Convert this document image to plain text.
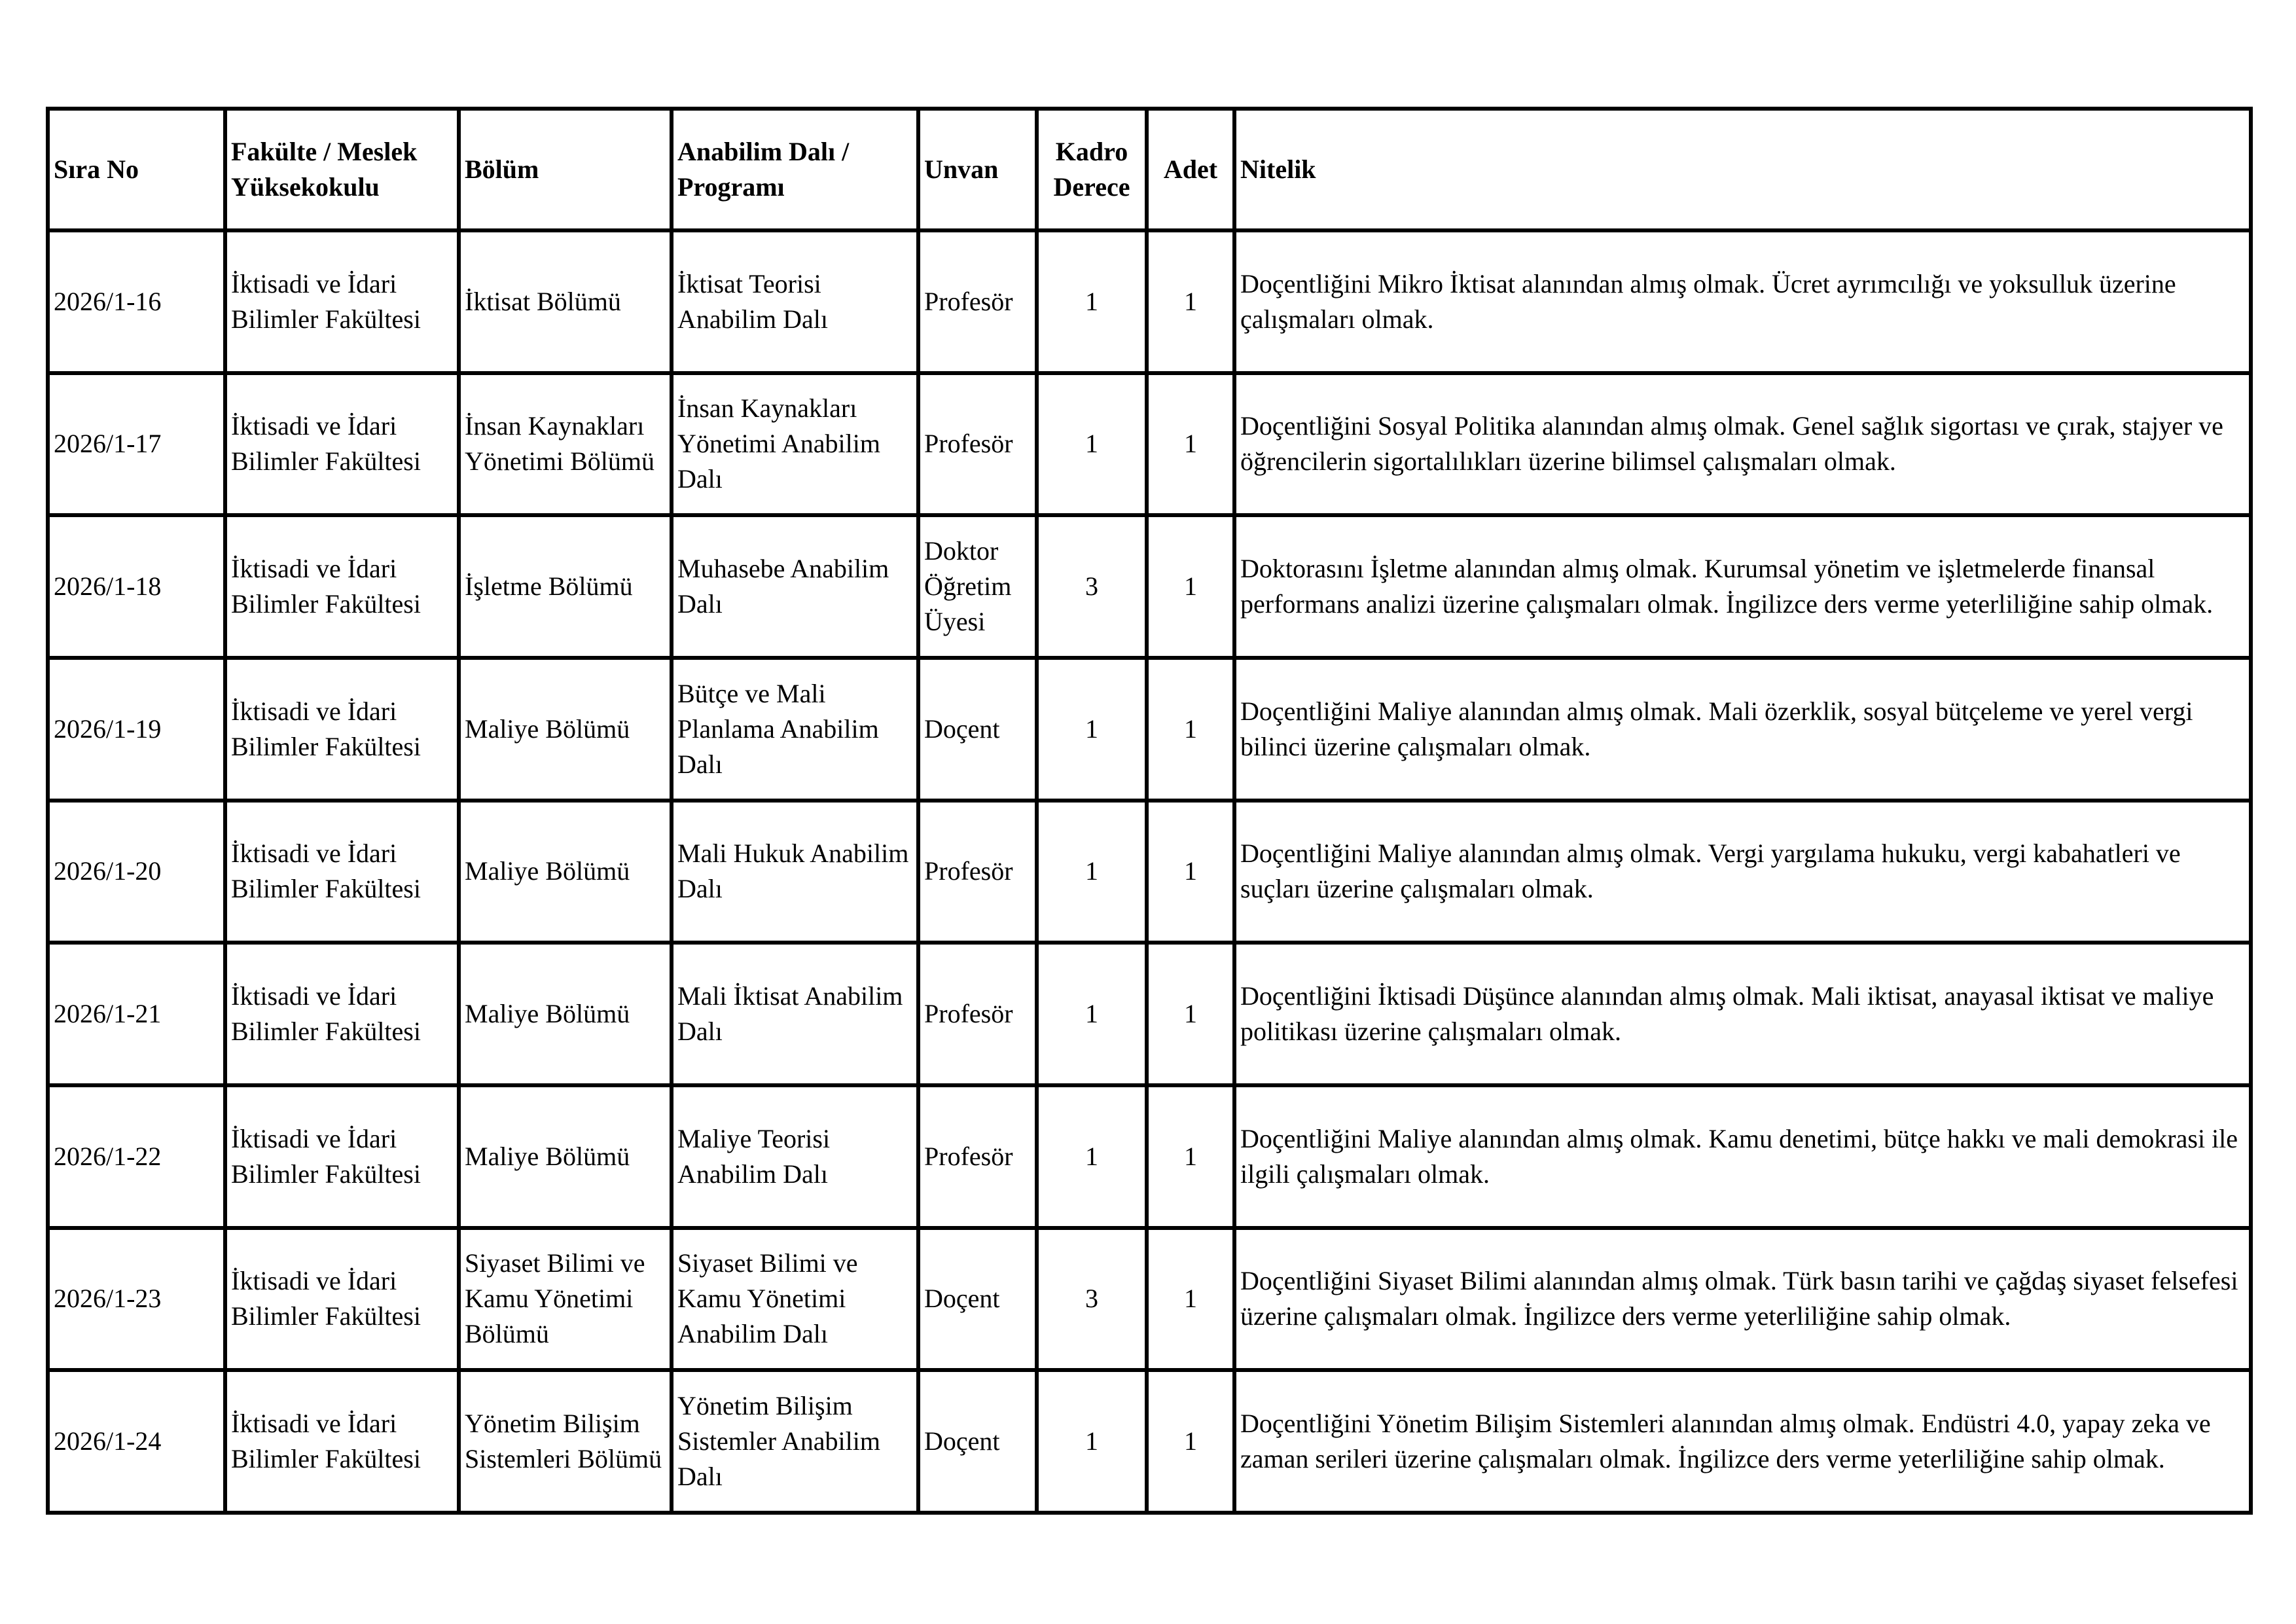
Sıra No	Fakülte / Meslek Yüksekokulu	Bölüm	Anabilim Dalı / Programı	Unvan	Kadro Derece	Adet	Nitelik
2026/1-16	İktisadi ve İdari Bilimler Fakültesi	İktisat Bölümü	İktisat Teorisi Anabilim Dalı	Profesör	1	1	Doçentliğini Mikro İktisat alanından almış olmak. Ücret ayrımcılığı ve yoksulluk üzerine çalışmaları olmak.
2026/1-17	İktisadi ve İdari Bilimler Fakültesi	İnsan Kaynakları Yönetimi Bölümü	İnsan Kaynakları Yönetimi Anabilim Dalı	Profesör	1	1	Doçentliğini Sosyal Politika alanından almış olmak. Genel sağlık sigortası ve çırak, stajyer ve öğrencilerin sigortalılıkları üzerine bilimsel çalışmaları olmak.
2026/1-18	İktisadi ve İdari Bilimler Fakültesi	İşletme Bölümü	Muhasebe Anabilim Dalı	Doktor Öğretim Üyesi	3	1	Doktorasını İşletme alanından almış olmak. Kurumsal yönetim ve işletmelerde finansal performans analizi üzerine çalışmaları olmak. İngilizce ders verme yeterliliğine sahip olmak.
2026/1-19	İktisadi ve İdari Bilimler Fakültesi	Maliye Bölümü	Bütçe ve Mali Planlama Anabilim Dalı	Doçent	1	1	Doçentliğini Maliye alanından almış olmak. Mali özerklik, sosyal bütçeleme ve yerel vergi bilinci üzerine çalışmaları olmak.
2026/1-20	İktisadi ve İdari Bilimler Fakültesi	Maliye Bölümü	Mali Hukuk Anabilim Dalı	Profesör	1	1	Doçentliğini Maliye alanından almış olmak. Vergi yargılama hukuku, vergi kabahatleri ve suçları üzerine çalışmaları olmak.
2026/1-21	İktisadi ve İdari Bilimler Fakültesi	Maliye Bölümü	Mali İktisat Anabilim Dalı	Profesör	1	1	Doçentliğini İktisadi Düşünce alanından almış olmak. Mali iktisat, anayasal iktisat ve maliye politikası üzerine çalışmaları olmak.
2026/1-22	İktisadi ve İdari Bilimler Fakültesi	Maliye Bölümü	Maliye Teorisi Anabilim Dalı	Profesör	1	1	Doçentliğini Maliye alanından almış olmak. Kamu denetimi, bütçe hakkı ve mali demokrasi ile ilgili çalışmaları olmak.
2026/1-23	İktisadi ve İdari Bilimler Fakültesi	Siyaset Bilimi ve Kamu Yönetimi Bölümü	Siyaset Bilimi ve Kamu Yönetimi Anabilim Dalı	Doçent	3	1	Doçentliğini Siyaset Bilimi alanından almış olmak. Türk basın tarihi ve çağdaş siyaset felsefesi üzerine çalışmaları olmak. İngilizce ders verme yeterliliğine sahip olmak.
2026/1-24	İktisadi ve İdari Bilimler Fakültesi	Yönetim Bilişim Sistemleri Bölümü	Yönetim Bilişim Sistemler Anabilim Dalı	Doçent	1	1	Doçentliğini Yönetim Bilişim Sistemleri alanından almış olmak. Endüstri 4.0, yapay zeka ve zaman serileri üzerine çalışmaları olmak. İngilizce ders verme yeterliliğine sahip olmak.
